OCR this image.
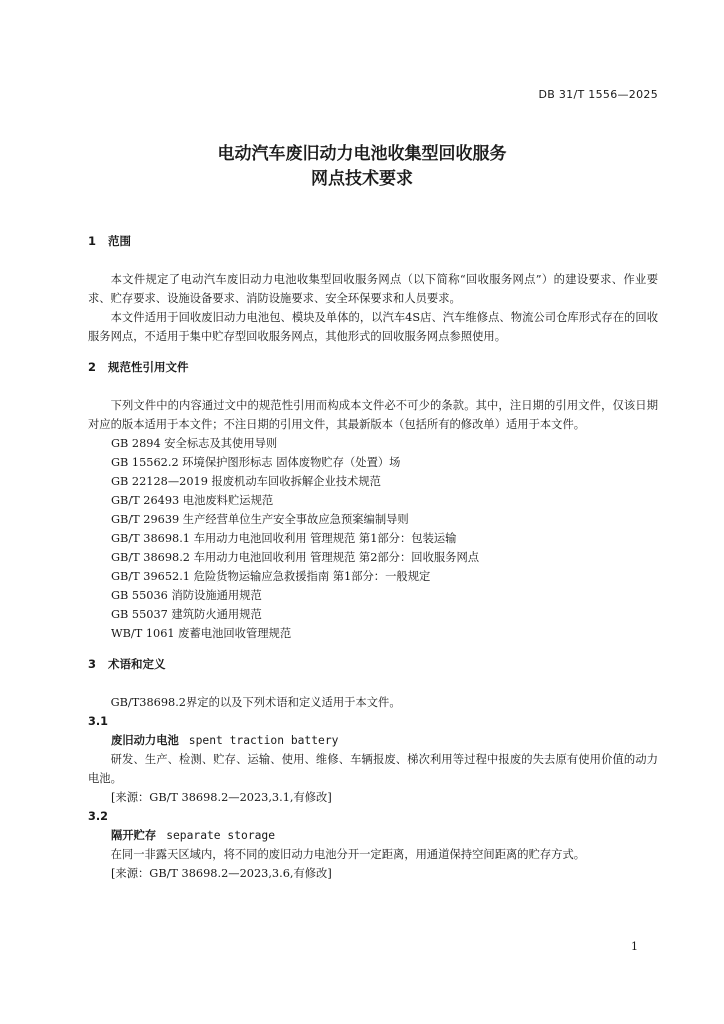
DB 31/T 1556—2025
电动汽车废旧动力电池收集型回收服务
网点技术要求
1 范围

本文件规定了电动汽车废旧动力电池收集型回收服务网点（以下简称“回收服务网点”）的建设要求、作业要求、贮存要求、设施设备要求、消防设施要求、安全环保要求和人员要求。

本文件适用于回收废旧动力电池包、模块及单体的，以汽车4S店、汽车维修点、物流公司仓库形式存在的回收服务网点，不适用于集中贮存型回收服务网点，其他形式的回收服务网点参照使用。

2 规范性引用文件

下列文件中的内容通过文中的规范性引用而构成本文件必不可少的条款。其中，注日期的引用文件，仅该日期对应的版本适用于本文件；不注日期的引用文件，其最新版本（包括所有的修改单）适用于本文件。

GB 2894 安全标志及其使用导则

GB 15562.2 环境保护图形标志 固体废物贮存（处置）场

GB 22128—2019 报废机动车回收拆解企业技术规范

GB/T 26493 电池废料贮运规范

GB/T 29639 生产经营单位生产安全事故应急预案编制导则

GB/T 38698.1 车用动力电池回收利用 管理规范 第1部分：包装运输

GB/T 38698.2 车用动力电池回收利用 管理规范 第2部分：回收服务网点

GB/T 39652.1 危险货物运输应急救援指南 第1部分：一般规定

GB 55036 消防设施通用规范

GB 55037 建筑防火通用规范

WB/T 1061 废蓄电池回收管理规范

3 术语和定义

GB/T38698.2界定的以及下列术语和定义适用于本文件。

3.1

废旧动力电池 spent traction battery

研发、生产、检测、贮存、运输、使用、维修、车辆报废、梯次利用等过程中报废的失去原有使用价值的动力电池。

[来源：GB/T 38698.2—2023,3.1,有修改]

3.2

隔开贮存 separate storage

在同一非露天区域内，将不同的废旧动力电池分开一定距离，用通道保持空间距离的贮存方式。

[来源：GB/T 38698.2—2023,3.6,有修改]

1
